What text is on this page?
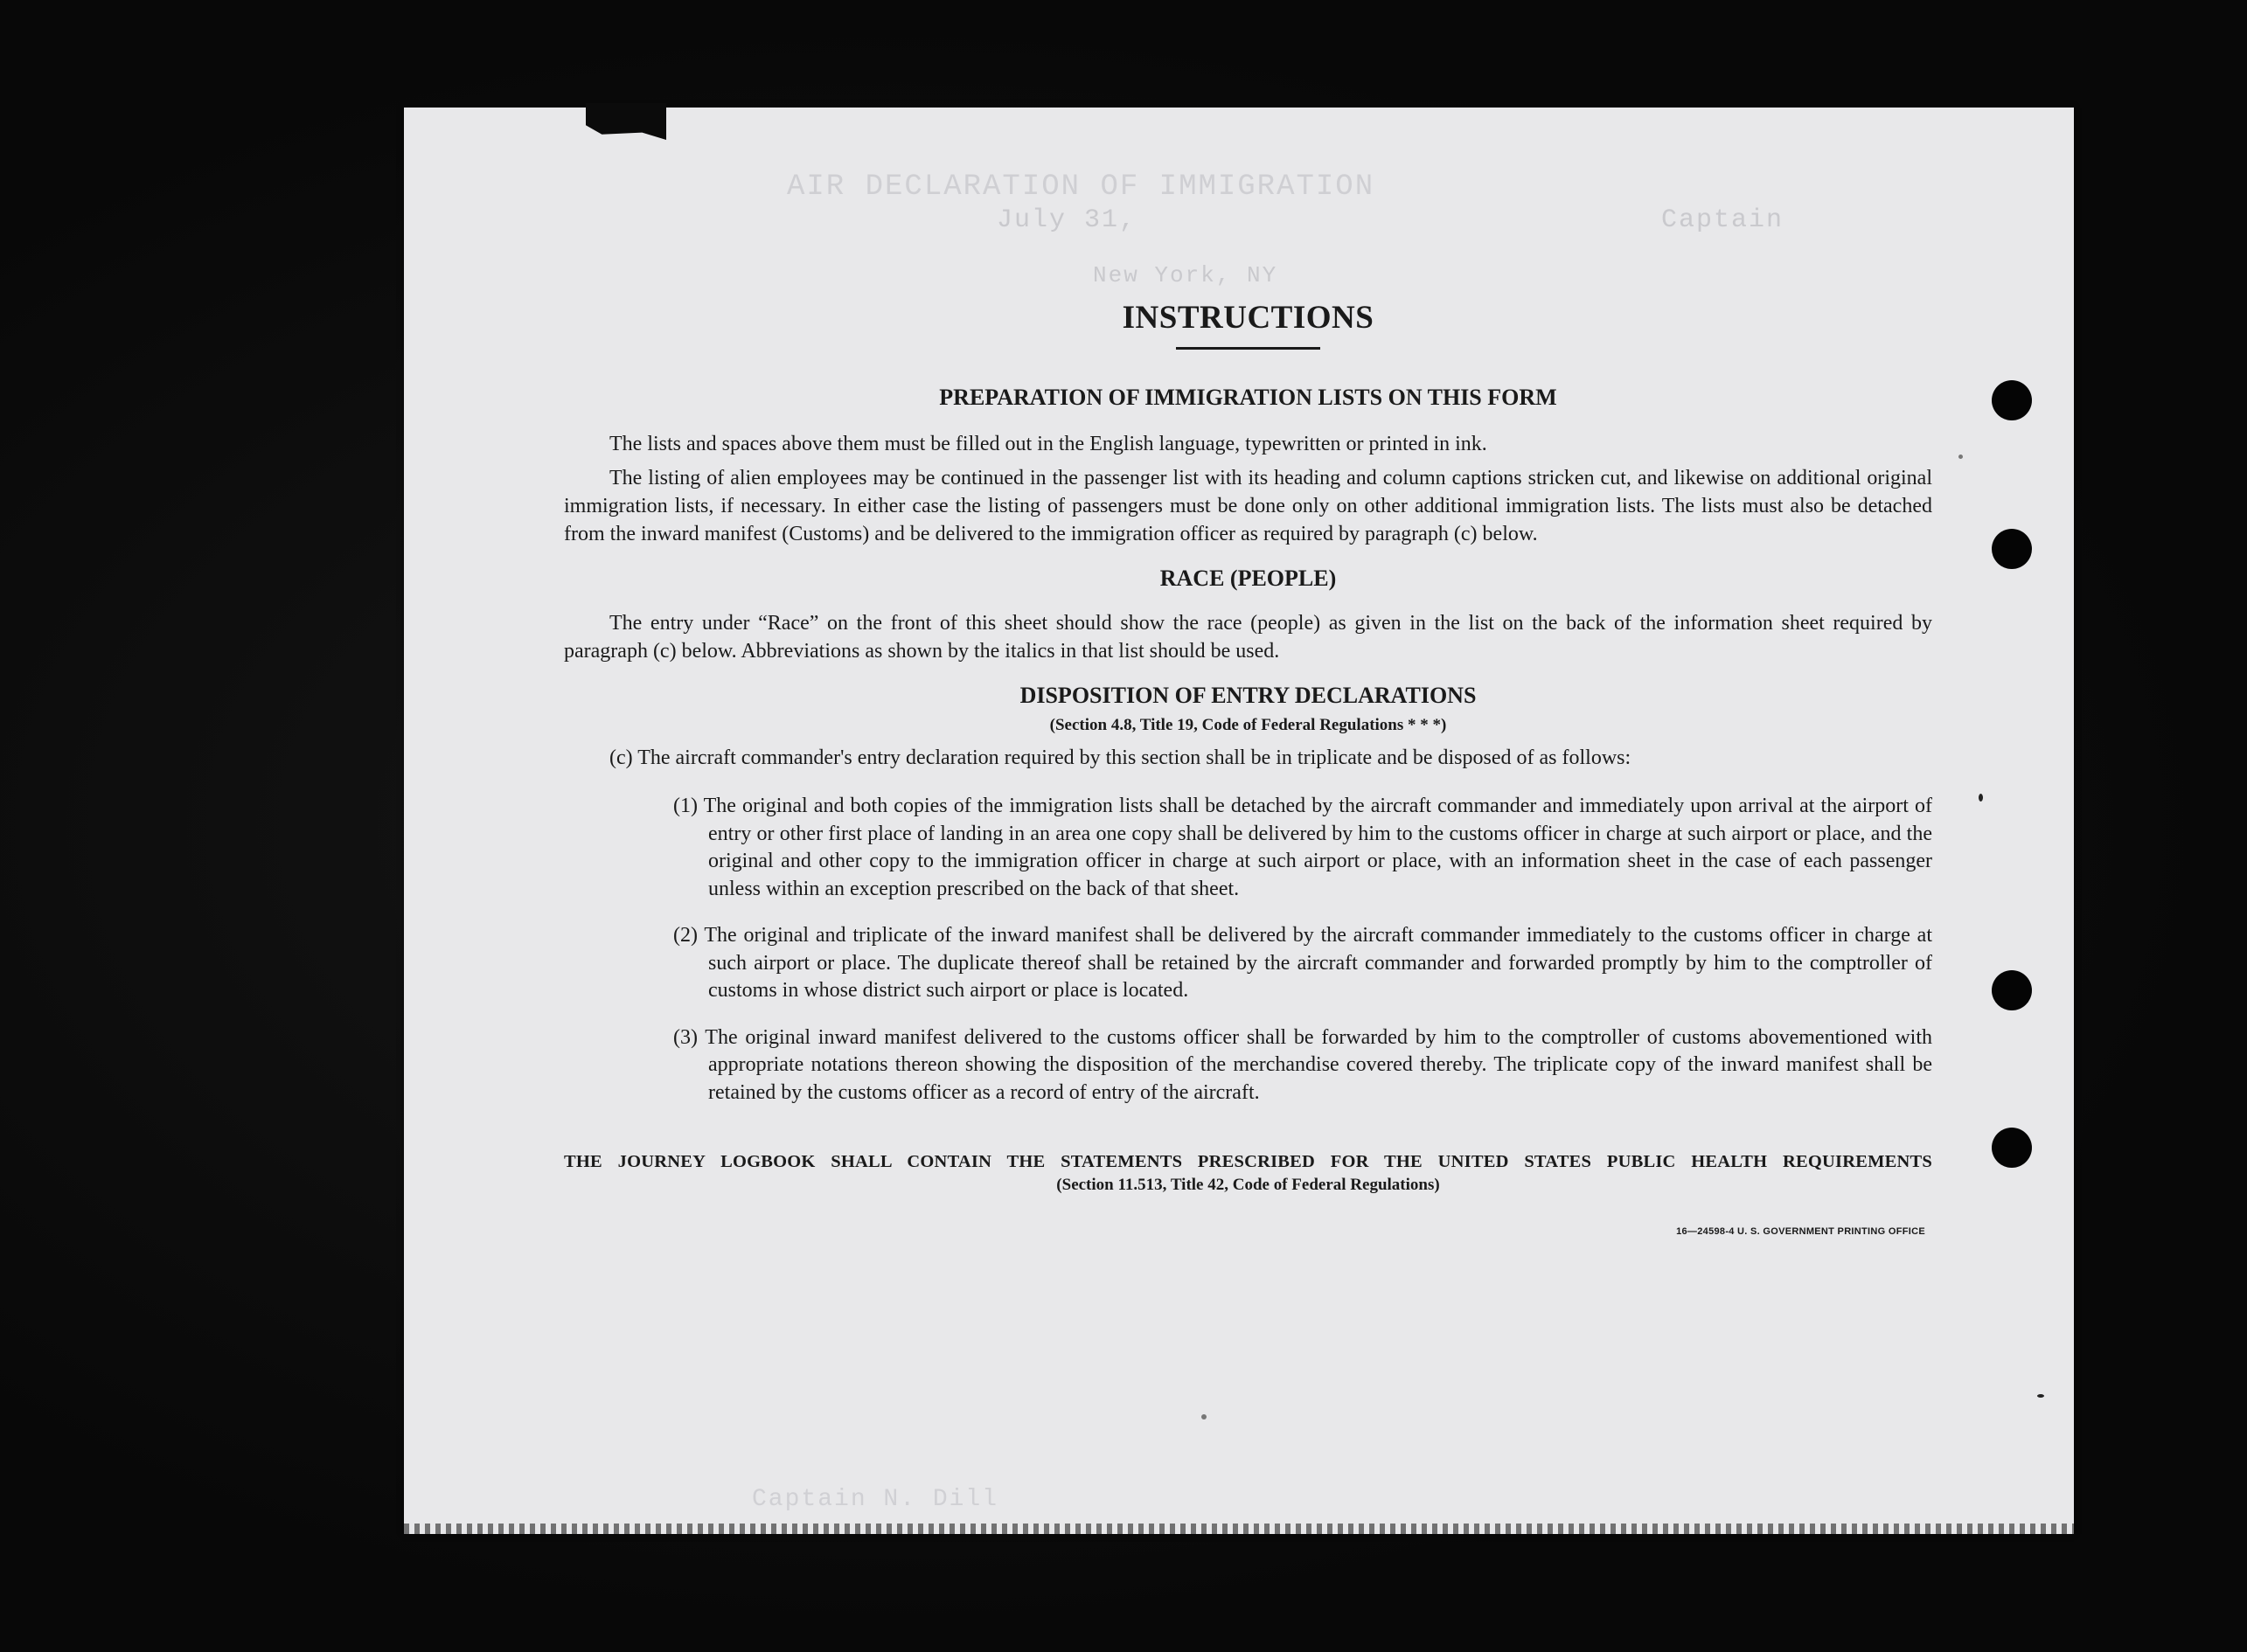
AIR DECLARATION OF IMMIGRATION
July 31,
New York, NY
Captain
Captain N. Dill
INSTRUCTIONS
PREPARATION OF IMMIGRATION LISTS ON THIS FORM

The lists and spaces above them must be filled out in the English language, typewritten or printed in ink.

The listing of alien employees may be continued in the passenger list with its heading and column captions stricken cut, and likewise on additional original immigration lists, if necessary. In either case the listing of passengers must be done only on other additional immigration lists. The lists must also be detached from the inward manifest (Customs) and be delivered to the immigration officer as required by paragraph (c) below.

RACE (PEOPLE)

The entry under “Race” on the front of this sheet should show the race (people) as given in the list on the back of the information sheet required by paragraph (c) below. Abbreviations as shown by the italics in that list should be used.

DISPOSITION OF ENTRY DECLARATIONS

(Section 4.8, Title 19, Code of Federal Regulations * * *)

(c) The aircraft commander's entry declaration required by this section shall be in triplicate and be disposed of as follows:

(1) The original and both copies of the immigration lists shall be detached by the aircraft commander and immediately upon arrival at the airport of entry or other first place of landing in an area one copy shall be delivered by him to the customs officer in charge at such airport or place, and the original and other copy to the immigration officer in charge at such airport or place, with an information sheet in the case of each passenger unless within an exception prescribed on the back of that sheet.

(2) The original and triplicate of the inward manifest shall be delivered by the aircraft commander immediately to the customs officer in charge at such airport or place. The duplicate thereof shall be retained by the aircraft commander and forwarded promptly by him to the comptroller of customs in whose district such airport or place is located.

(3) The original inward manifest delivered to the customs officer shall be forwarded by him to the comptroller of customs abovementioned with appropriate notations thereon showing the disposition of the merchandise covered thereby. The triplicate copy of the inward manifest shall be retained by the customs officer as a record of entry of the aircraft.

THE JOURNEY LOGBOOK SHALL CONTAIN THE STATEMENTS PRESCRIBED FOR THE UNITED STATES PUBLIC HEALTH REQUIREMENTS

(Section 11.513, Title 42, Code of Federal Regulations)

16—24598-4 U. S. GOVERNMENT PRINTING OFFICE
